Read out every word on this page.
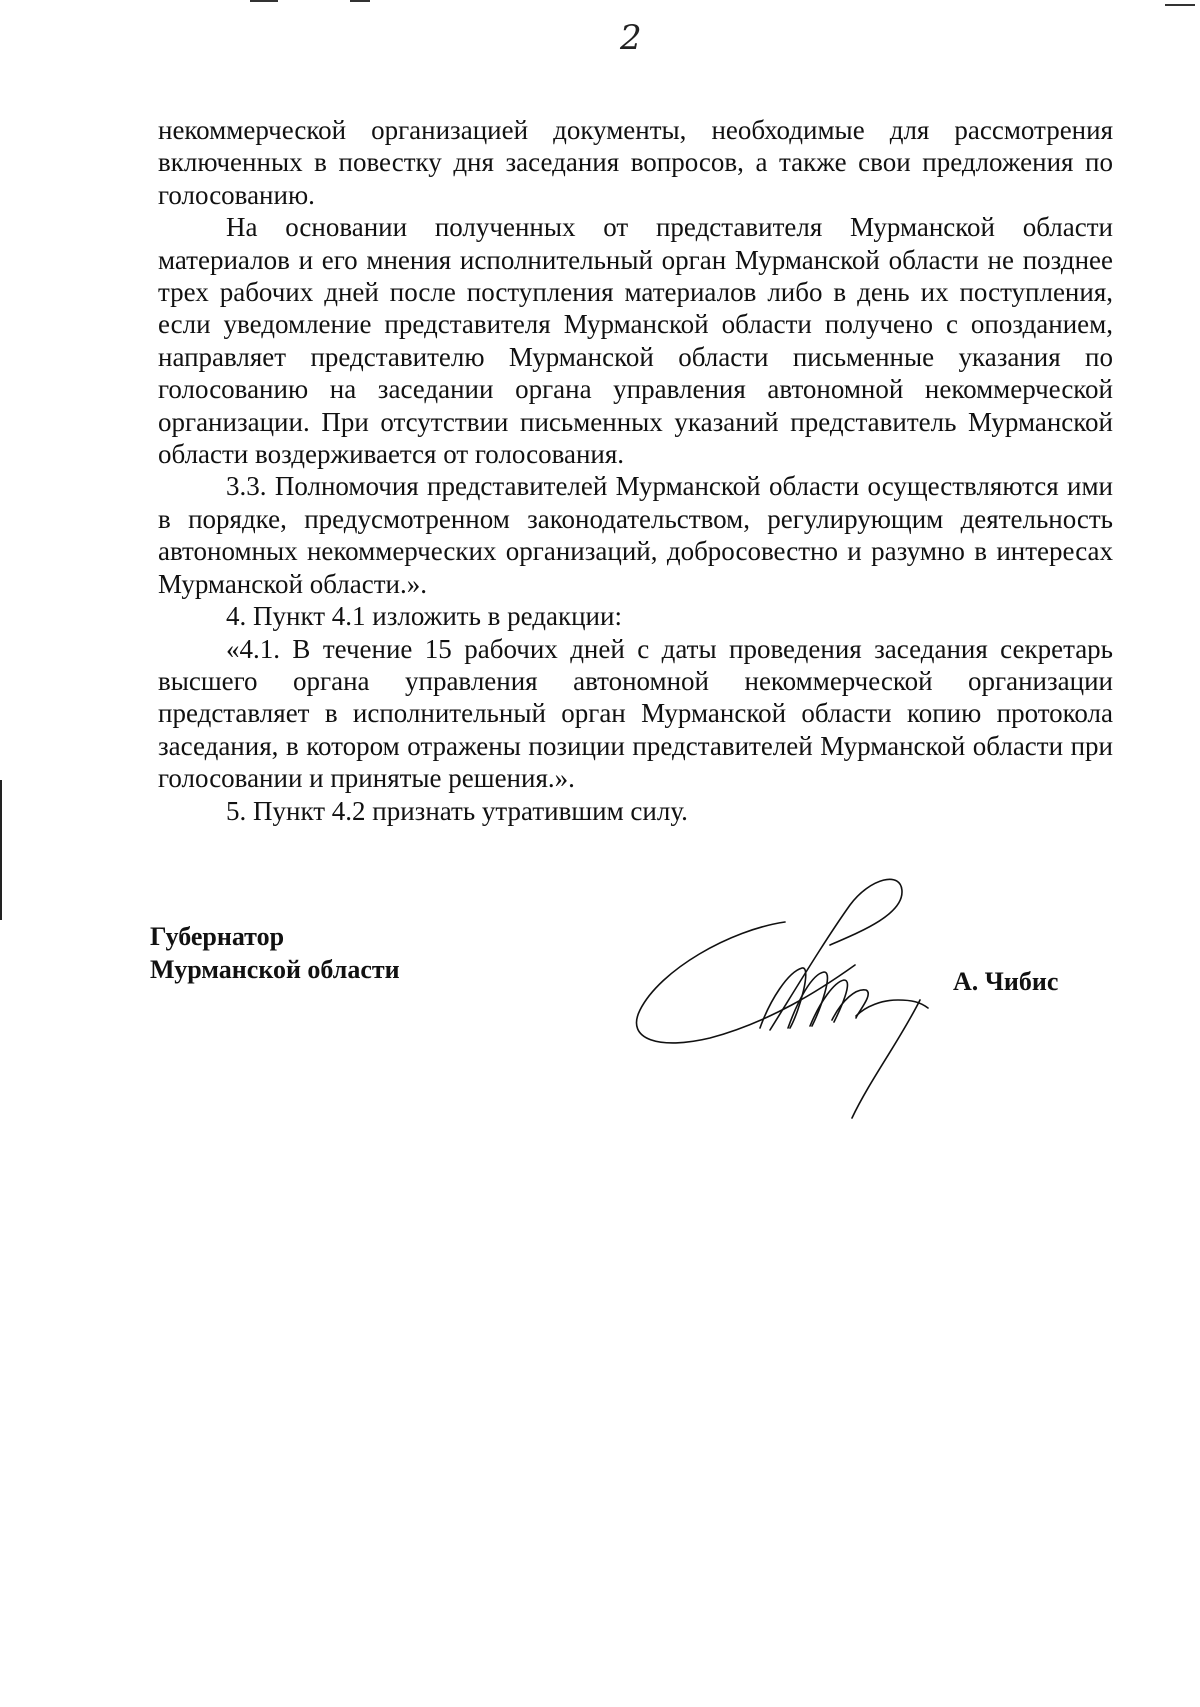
2

некоммерческой организацией документы, необходимые для рассмотрения включенных в повестку дня заседания вопросов, а также свои предложения по голосованию.

На основании полученных от представителя Мурманской области материалов и его мнения исполнительный орган Мурманской области не позднее трех рабочих дней после поступления материалов либо в день их поступления, если уведомление представителя Мурманской области получено с опозданием, направляет представителю Мурманской области письменные указания по голосованию на заседании органа управления автономной некоммерческой организации. При отсутствии письменных указаний представитель Мурманской области воздерживается от голосования.

3.3. Полномочия представителей Мурманской области осуществляются ими в порядке, предусмотренном законодательством, регулирующим деятельность автономных некоммерческих организаций, добросовестно и разумно в интересах Мурманской области.».

4. Пункт 4.1 изложить в редакции:

«4.1. В течение 15 рабочих дней с даты проведения заседания секретарь высшего органа управления автономной некоммерческой организации представляет в исполнительный орган Мурманской области копию протокола заседания, в котором отражены позиции представителей Мурманской области при голосовании и принятые решения.».

5. Пункт 4.2 признать утратившим силу.

Губернатор
Мурманской области	А. Чибис
